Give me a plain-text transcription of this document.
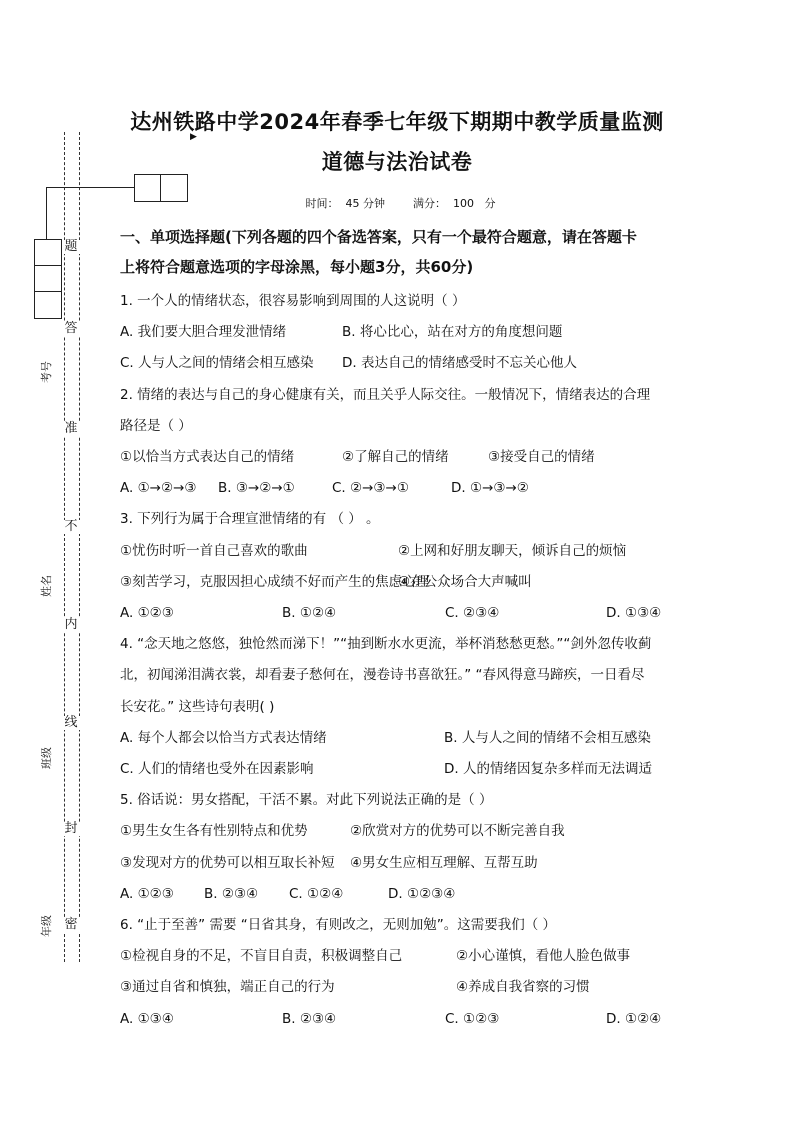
题
答
准
不
内
线
封
密
考号
姓名
班级
年级
▶
达州铁路中学2024年春季七年级下期期中教学质量监测
道德与法治试卷

时间：  45 分钟	满分：  100   分

一、单项选择题(下列各题的四个备选答案，只有一个最符合题意，请在答题卡
上将符合题意选项的字母涂黑，每小题3分，共60分)
1. 一个人的情绪状态，很容易影响到周围的人这说明（ ）
A. 我们要大胆合理发泄情绪	B. 将心比心，站在对方的角度想问题
C. 人与人之间的情绪会相互感染 D. 表达自己的情绪感受时不忘关心他人
2. 情绪的表达与自己的身心健康有关，而且关乎人际交往。一般情况下，情绪表达的合理
路径是（ ）
①以恰当方式表达自己的情绪	②了解自己的情绪	③接受自己的情绪
A. ①→②→③ B. ③→②→①	C. ②→③→①	D. ①→③→②
3. 下列行为属于合理宣泄情绪的有 （ ） 。
①忧伤时听一首自己喜欢的歌曲	②上网和好朋友聊天，倾诉自己的烦恼
③刻苦学习，克服因担心成绩不好而产生的焦虑心理
④在公众场合大声喊叫
A. ①②③	B. ①②④	C. ②③④	D. ①③④
4. “念天地之悠悠，独怆然而涕下！”“抽到断水水更流，举杯消愁愁更愁。”“剑外忽传收蓟
北，初闻涕泪满衣裳，却看妻子愁何在，漫卷诗书喜欲狂。” “春风得意马蹄疾，一日看尽
长安花。” 这些诗句表明( )
A. 每个人都会以恰当方式表达情绪	B. 人与人之间的情绪不会相互感染
C. 人们的情绪也受外在因素影响	D. 人的情绪因复杂多样而无法调适
5. 俗话说：男女搭配，干活不累。对此下列说法正确的是（ ）
①男生女生各有性别特点和优势	②欣赏对方的优势可以不断完善自我
③发现对方的优势可以相互取长补短 ④男女生应相互理解、互帮互助
A. ①②③ B. ②③④ C. ①②④	D. ①②③④
6. “止于至善” 需要 “日省其身，有则改之，无则加勉”。这需要我们（ ）
①检视自身的不足，不盲目自责，积极调整自己	②小心谨慎，看他人脸色做事
③通过自省和慎独，端正自己的行为	④养成自我省察的习惯
A. ①③④	B. ②③④	C. ①②③	D. ①②④
